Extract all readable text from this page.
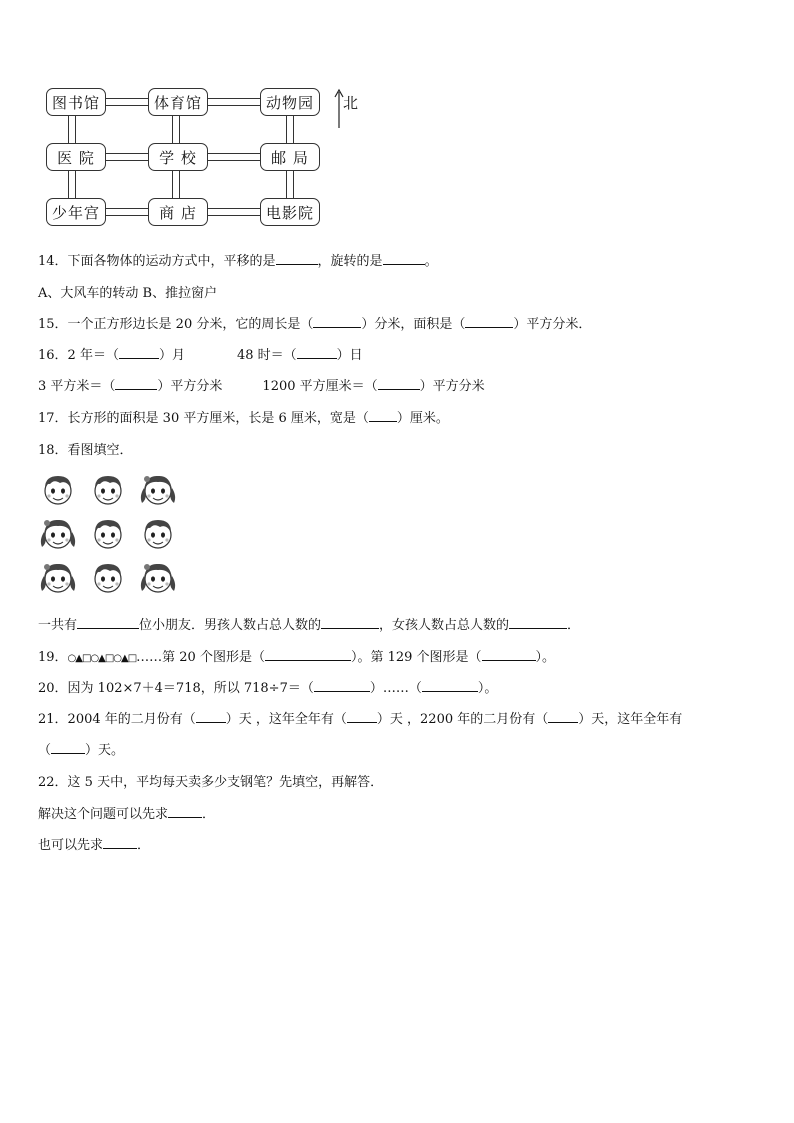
图书馆	体育馆	动物园
医 院	学 校	邮 局
少年宫	商 店	电影院
北
14．下面各物体的运动方式中，平移的是	，旋转的是	。
A、大风车的转动 B、推拉窗户
15．一个正方形边长是 20 分米，它的周长是（	）分米，面积是（	）平方分米．
16．2 年＝（	）月	48 时＝（	）日
3 平方米＝（	）平方分米	1200 平方厘米＝（	）平方分米
17．长方形的面积是 30 平方厘米，长是 6 厘米，宽是（ ）厘米。
18．看图填空．
一共有	位小朋友．男孩人数占总人数的	，女孩人数占总人数的	．
19．○▲□○▲□○▲□……第 20 个图形是（	）。第 129 个图形是（	）。
20．因为 102×7＋4＝718，所以 718÷7＝（	）……（	）。
21．2004 年的二月份有（ ）天 ，这年全年有（ ）天 ，2200 年的二月份有（ ）天，这年全年有
（	）天。
22．这 5 天中，平均每天卖多少支钢笔？先填空，再解答．
解决这个问题可以先求	．
也可以先求	．
